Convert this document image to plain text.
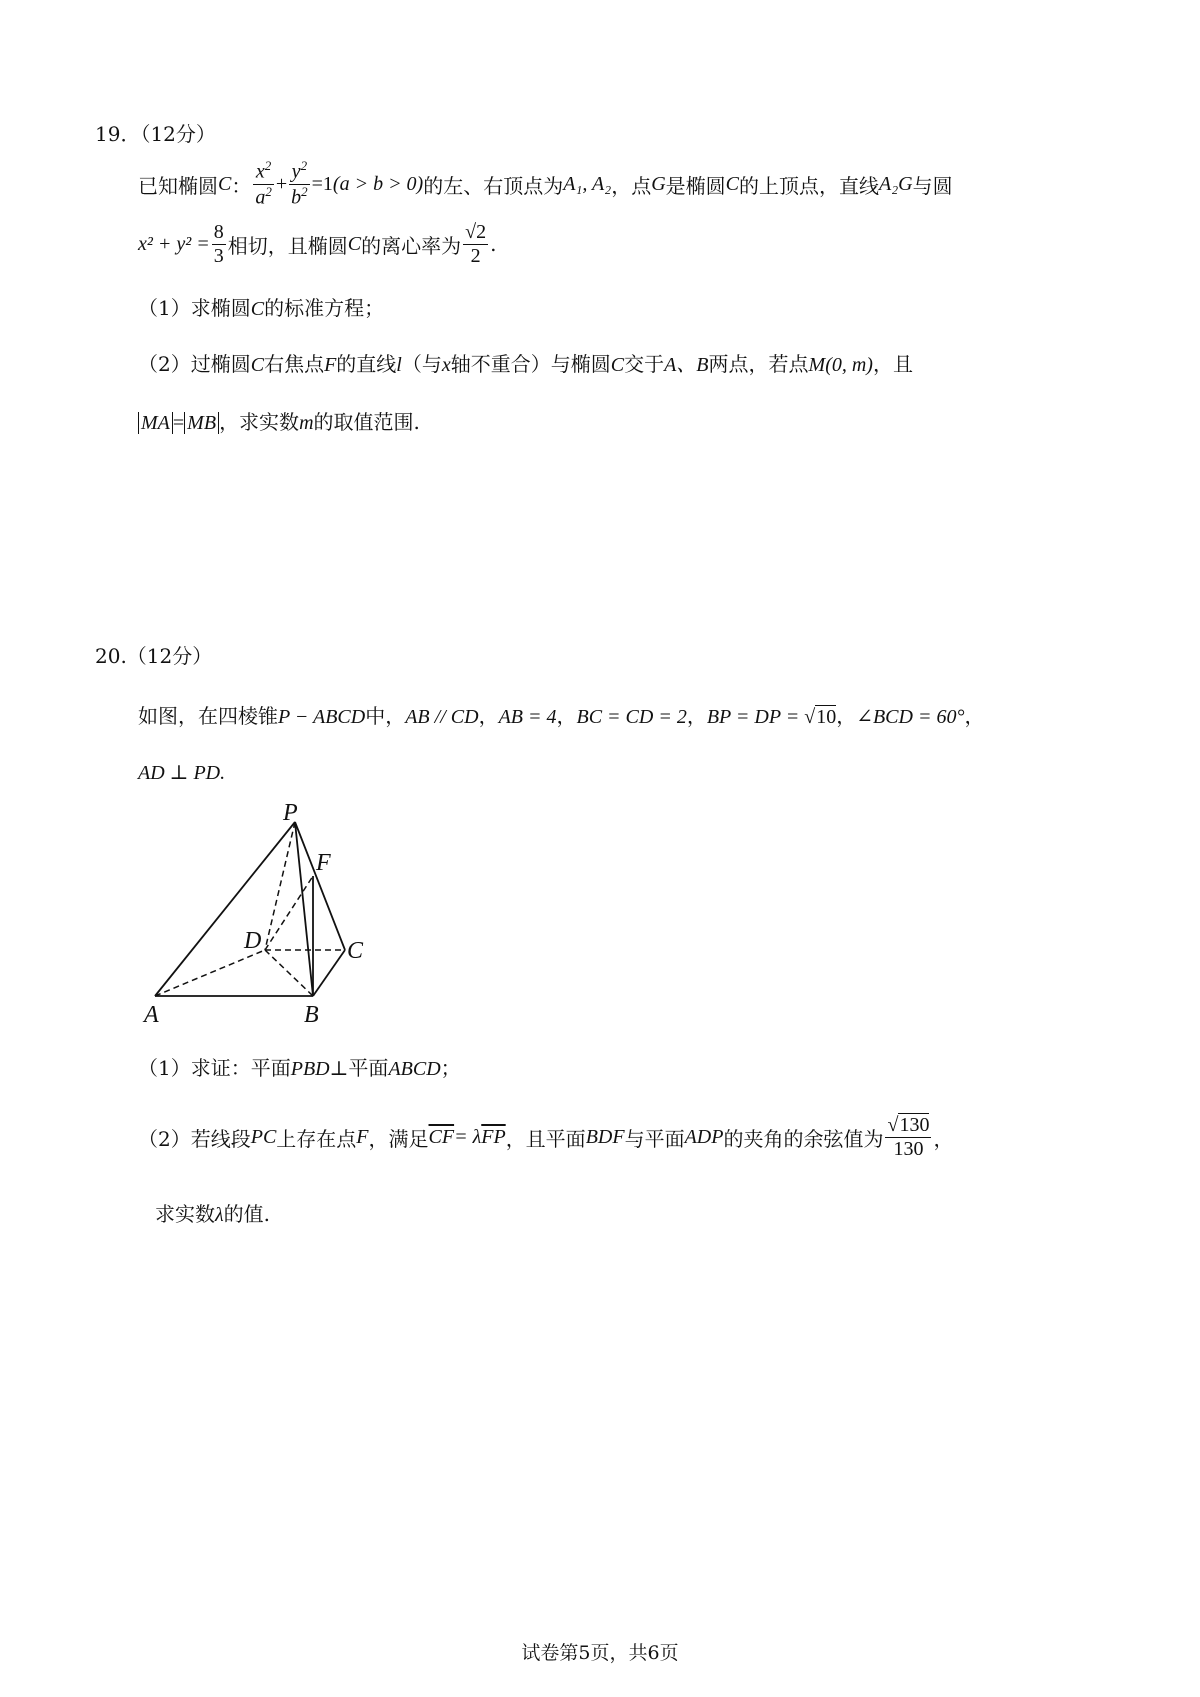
19．（12分）
已知椭圆 C ： $\frac{x^2}{a^2} + \frac{y^2}{b^2} =1$ (a > b > 0) 的左、右顶点为 A₁, A₂ ，点 G 是椭圆 C 的上顶点，直线 A₂G 与圆
$x^2 + y^2 = \frac{8}{3}$ 相切，且椭圆 C 的离心率为 $\frac{√2}{2}$ .
（1）求椭圆C的标准方程；
（2）过椭圆C右焦点F的直线l（与x轴不重合）与椭圆C交于A、B两点，若点M(0, m)，且
MA = MB ，求实数m的取值范围.
20.（12分）
如图，在四棱锥P − ABCD中，AB // CD，AB = 4，BC = CD = 2，BP = DP = √10，∠BCD = 60°，
AD ⊥ PD.
P
F
D	C
A	B
（1）求证：平面PBD⊥平面ABCD；
（2）若线段 PC 上存在点 F ，满足 $\overline{CF} = \lambda$ $\overline{FP}$ ，且平面 BDF 与平面 ADP 的夹角的余弦值为 $\frac{√130}{130}$ ，
求实数λ的值.
试卷第5页，共6页
